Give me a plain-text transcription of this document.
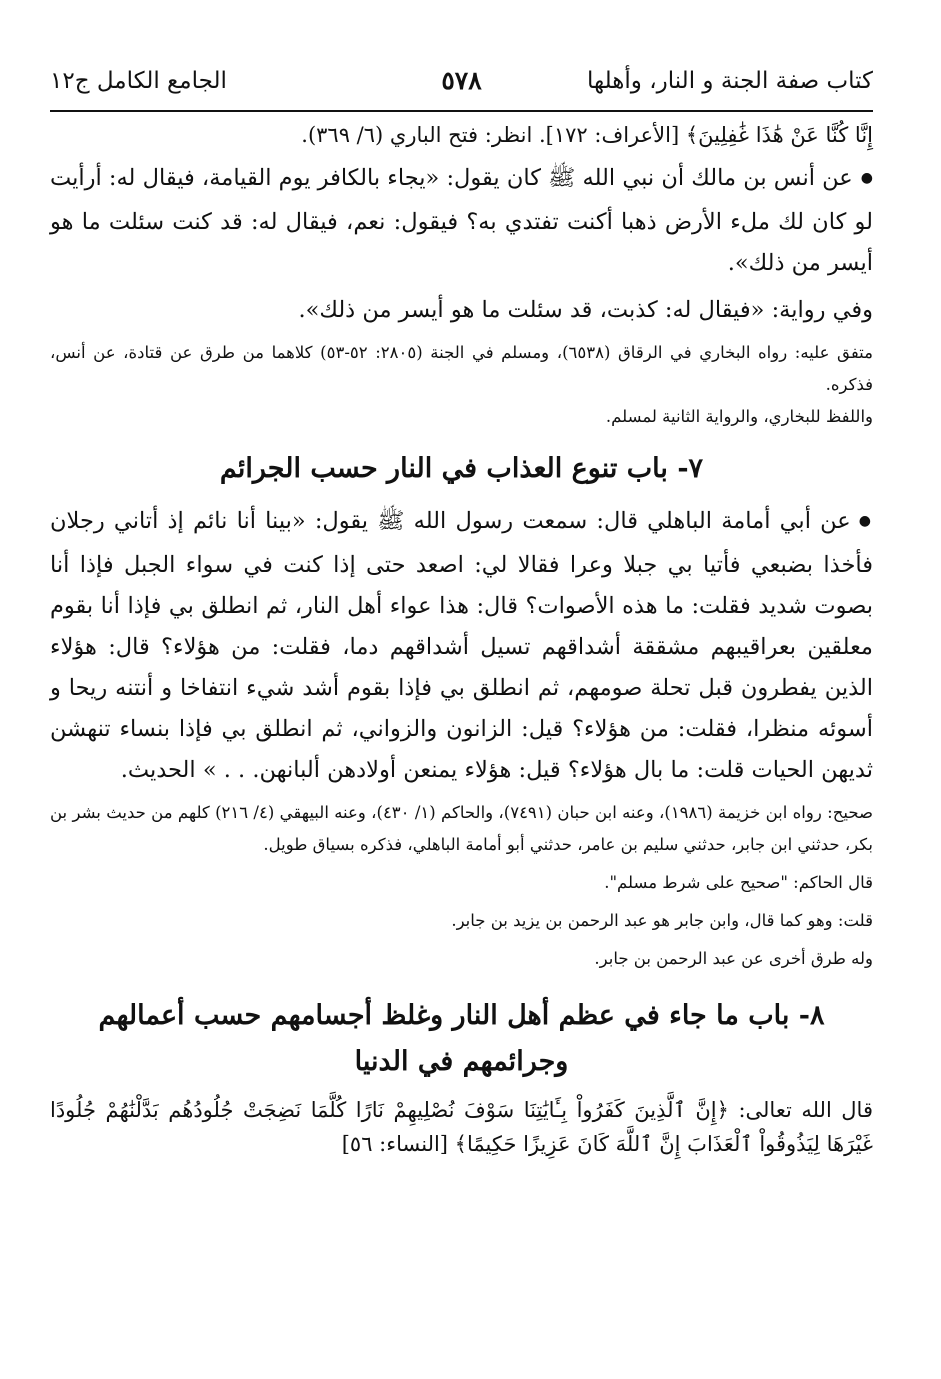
كتاب صفة الجنة و النار، وأهلها
٥٧٨
الجامع الكامل ج١٢

إِنَّا كُنَّا عَنْ هَٰذَا غَٰفِلِينَ﴾ [الأعراف: ١٧٢]. انظر: فتح الباري (٦/ ٣٦٩).

● عن أنس بن مالك أن نبي الله ﷺ كان يقول: «يجاء بالكافر يوم القيامة، فيقال له: أرأيت لو كان لك ملء الأرض ذهبا أكنت تفتدي به؟ فيقول: نعم، فيقال له: قد كنت سئلت ما هو أيسر من ذلك».

وفي رواية: «فيقال له: كذبت، قد سئلت ما هو أيسر من ذلك».

متفق عليه: رواه البخاري في الرقاق (٦٥٣٨)، ومسلم في الجنة (٢٨٠٥: ٥٢-٥٣) كلاهما من طرق عن قتادة، عن أنس، فذكره.

واللفظ للبخاري، والرواية الثانية لمسلم.

٧- باب تنوع العذاب في النار حسب الجرائم

● عن أبي أمامة الباهلي قال: سمعت رسول الله ﷺ يقول: «بينا أنا نائم إذ أتاني رجلان فأخذا بضبعي فأتيا بي جبلا وعرا فقالا لي: اصعد حتى إذا كنت في سواء الجبل فإذا أنا بصوت شديد فقلت: ما هذه الأصوات؟ قال: هذا عواء أهل النار، ثم انطلق بي فإذا أنا بقوم معلقين بعراقيبهم مشققة أشداقهم تسيل أشداقهم دما، فقلت: من هؤلاء؟ قال: هؤلاء الذين يفطرون قبل تحلة صومهم، ثم انطلق بي فإذا بقوم أشد شيء انتفاخا و أنتنه ريحا و أسوئه منظرا، فقلت: من هؤلاء؟ قيل: الزانون والزواني، ثم انطلق بي فإذا بنساء تنهشن ثديهن الحيات قلت: ما بال هؤلاء؟ قيل: هؤلاء يمنعن أولادهن ألبانهن. . . » الحديث.

صحيح: رواه ابن خزيمة (١٩٨٦)، وعنه ابن حبان (٧٤٩١)، والحاكم (١/ ٤٣٠)، وعنه البيهقي (٤/ ٢١٦) كلهم من حديث بشر بن بكر، حدثني ابن جابر، حدثني سليم بن عامر، حدثني أبو أمامة الباهلي، فذكره بسياق طويل.

قال الحاكم: "صحيح على شرط مسلم".

قلت: وهو كما قال، وابن جابر هو عبد الرحمن بن يزيد بن جابر.

وله طرق أخرى عن عبد الرحمن بن جابر.

٨- باب ما جاء في عظم أهل النار وغلظ أجسامهم حسب أعمالهم
وجرائمهم في الدنيا

قال الله تعالى: ﴿إِنَّ ٱلَّذِينَ كَفَرُواْ بِـَٔايَٰتِنَا سَوْفَ نُصْلِيهِمْ نَارًا كُلَّمَا نَضِجَتْ جُلُودُهُم بَدَّلْنَٰهُمْ جُلُودًا غَيْرَهَا لِيَذُوقُواْ ٱلْعَذَابَ إِنَّ ٱللَّهَ كَانَ عَزِيزًا حَكِيمًا﴾ [النساء: ٥٦]
